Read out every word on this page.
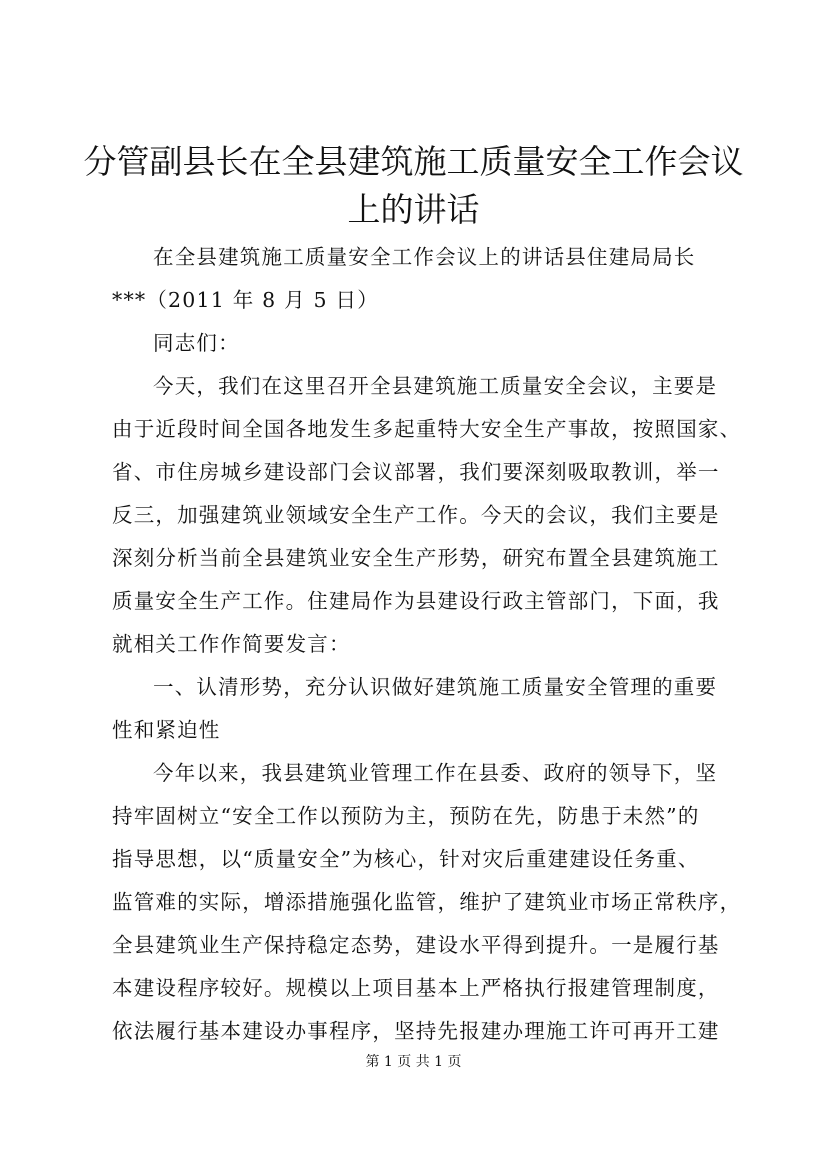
分管副县长在全县建筑施工质量安全工作会议
上的讲话

在全县建筑施工质量安全工作会议上的讲话县住建局局长

***（2011 年 8 月 5 日）

同志们：

今天，我们在这里召开全县建筑施工质量安全会议，主要是

由于近段时间全国各地发生多起重特大安全生产事故，按照国家、

省、市住房城乡建设部门会议部署，我们要深刻吸取教训，举一

反三，加强建筑业领域安全生产工作。今天的会议，我们主要是

深刻分析当前全县建筑业安全生产形势，研究布置全县建筑施工

质量安全生产工作。住建局作为县建设行政主管部门，下面，我

就相关工作作简要发言：

一、认清形势，充分认识做好建筑施工质量安全管理的重要

性和紧迫性

今年以来，我县建筑业管理工作在县委、政府的领导下，坚

持牢固树立“安全工作以预防为主，预防在先，防患于未然”的

指导思想，以“质量安全”为核心，针对灾后重建建设任务重、

监管难的实际，增添措施强化监管，维护了建筑业市场正常秩序，

全县建筑业生产保持稳定态势，建设水平得到提升。一是履行基

本建设程序较好。规模以上项目基本上严格执行报建管理制度，

依法履行基本建设办事程序，坚持先报建办理施工许可再开工建

第 1 页 共 1 页
